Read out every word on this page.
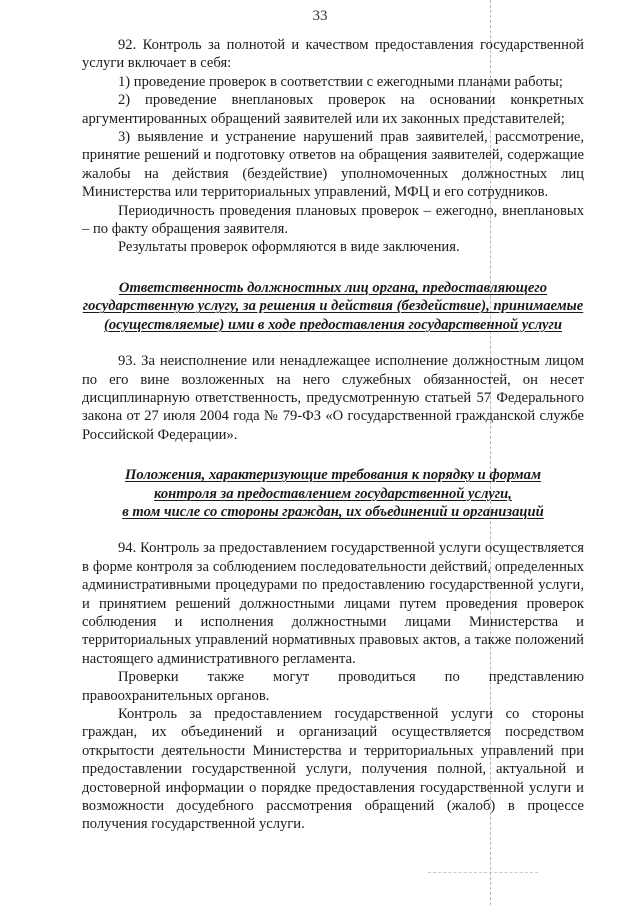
33

92. Контроль за полнотой и качеством предоставления государственной услуги включает в себя:

1) проведение проверок в соответствии с ежегодными планами работы;

2) проведение внеплановых проверок на основании конкретных аргументированных обращений заявителей или их законных представителей;

3) выявление и устранение нарушений прав заявителей, рассмотрение, принятие решений и подготовку ответов на обращения заявителей, содержащие жалобы на действия (бездействие) уполномоченных должностных лиц Министерства или территориальных управлений, МФЦ и его сотрудников.

Периодичность проведения плановых проверок – ежегодно, внеплановых – по факту обращения заявителя.

Результаты проверок оформляются в виде заключения.

Ответственность должностных лиц органа, предоставляющего
государственную услугу, за решения и действия (бездействие), принимаемые
(осуществляемые) ими в ходе предоставления государственной услуги

93. За неисполнение или ненадлежащее исполнение должностным лицом по его вине возложенных на него служебных обязанностей, он несет дисциплинарную ответственность, предусмотренную статьей 57 Федерального закона от 27 июля 2004 года № 79-ФЗ «О государственной гражданской службе Российской Федерации».

Положения, характеризующие требования к порядку и формам
контроля за предоставлением государственной услуги,
в том числе со стороны граждан, их объединений и организаций

94. Контроль за предоставлением государственной услуги осуществляется в форме контроля за соблюдением последовательности действий, определенных административными процедурами по предоставлению государственной услуги, и принятием решений должностными лицами путем проведения проверок соблюдения и исполнения должностными лицами Министерства и территориальных управлений нормативных правовых актов, а также положений настоящего административного регламента.

Проверки также могут проводиться по представлению правоохранительных органов.

Контроль за предоставлением государственной услуги со стороны граждан, их объединений и организаций осуществляется посредством открытости деятельности Министерства и территориальных управлений при предоставлении государственной услуги, получения полной, актуальной и достоверной информации о порядке предоставления государственной услуги и возможности досудебного рассмотрения обращений (жалоб) в процессе получения государственной услуги.
